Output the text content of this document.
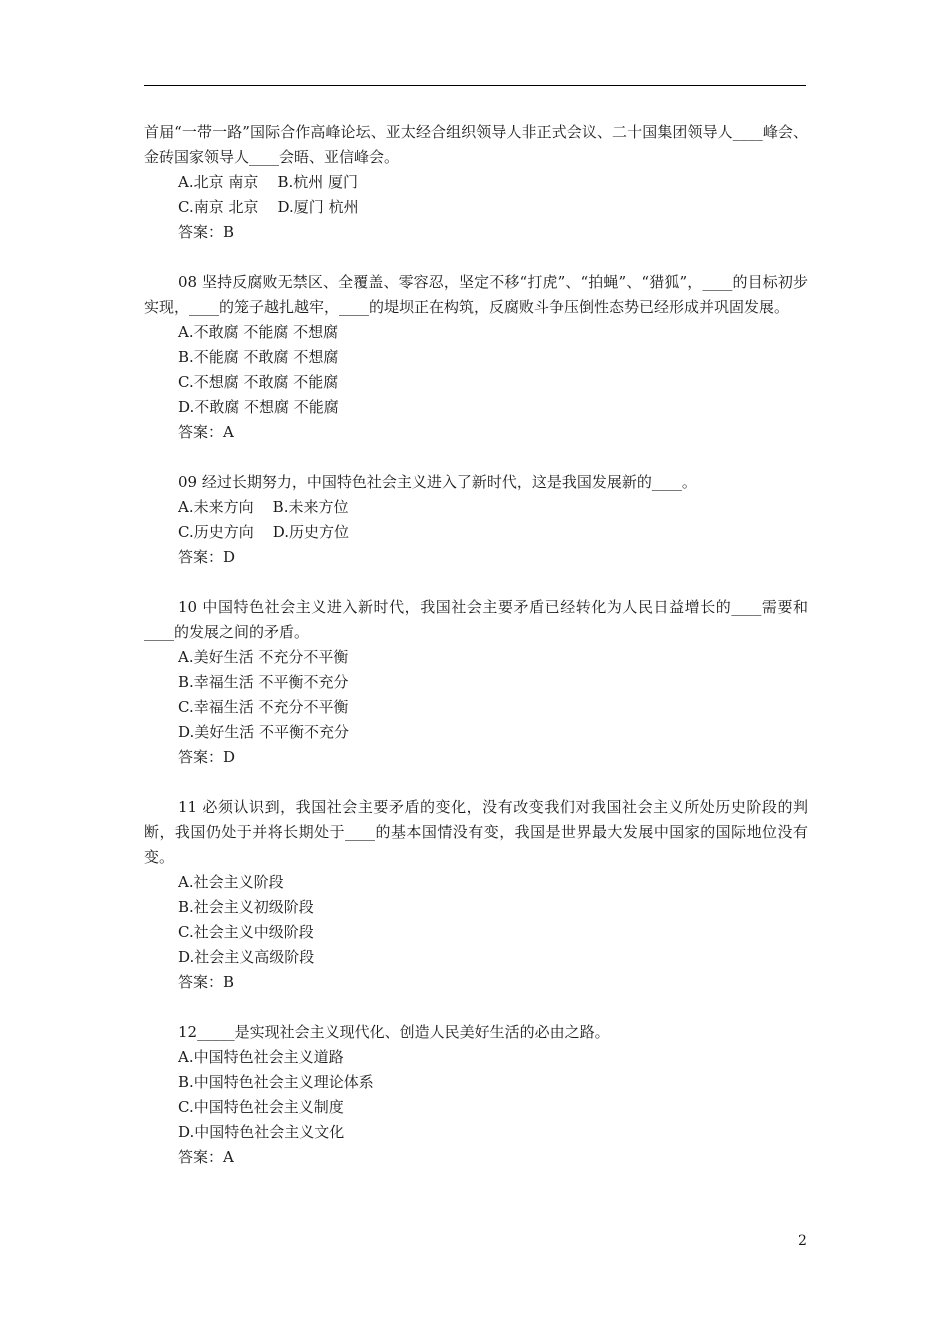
首届“一带一路”国际合作高峰论坛、亚太经合组织领导人非正式会议、二十国集团领导人____峰会、金砖国家领导人____会晤、亚信峰会。

A.北京 南京    B.杭州 厦门

C.南京 北京    D.厦门 杭州

答案：B

08 坚持反腐败无禁区、全覆盖、零容忍，坚定不移“打虎”、“拍蝇”、“猎狐”，____的目标初步实现，____的笼子越扎越牢，____的堤坝正在构筑，反腐败斗争压倒性态势已经形成并巩固发展。

A.不敢腐 不能腐 不想腐

B.不能腐 不敢腐 不想腐

C.不想腐 不敢腐 不能腐

D.不敢腐 不想腐 不能腐

答案：A

09 经过长期努力，中国特色社会主义进入了新时代，这是我国发展新的____。

A.未来方向    B.未来方位

C.历史方向    D.历史方位

答案：D

10 中国特色社会主义进入新时代，我国社会主要矛盾已经转化为人民日益增长的____需要和____的发展之间的矛盾。

A.美好生活 不充分不平衡

B.幸福生活 不平衡不充分

C.幸福生活 不充分不平衡

D.美好生活 不平衡不充分

答案：D

11 必须认识到，我国社会主要矛盾的变化，没有改变我们对我国社会主义所处历史阶段的判断，我国仍处于并将长期处于____的基本国情没有变，我国是世界最大发展中国家的国际地位没有变。

A.社会主义阶段

B.社会主义初级阶段

C.社会主义中级阶段

D.社会主义高级阶段

答案：B

12_____是实现社会主义现代化、创造人民美好生活的必由之路。

A.中国特色社会主义道路

B.中国特色社会主义理论体系

C.中国特色社会主义制度

D.中国特色社会主义文化

答案：A

2
